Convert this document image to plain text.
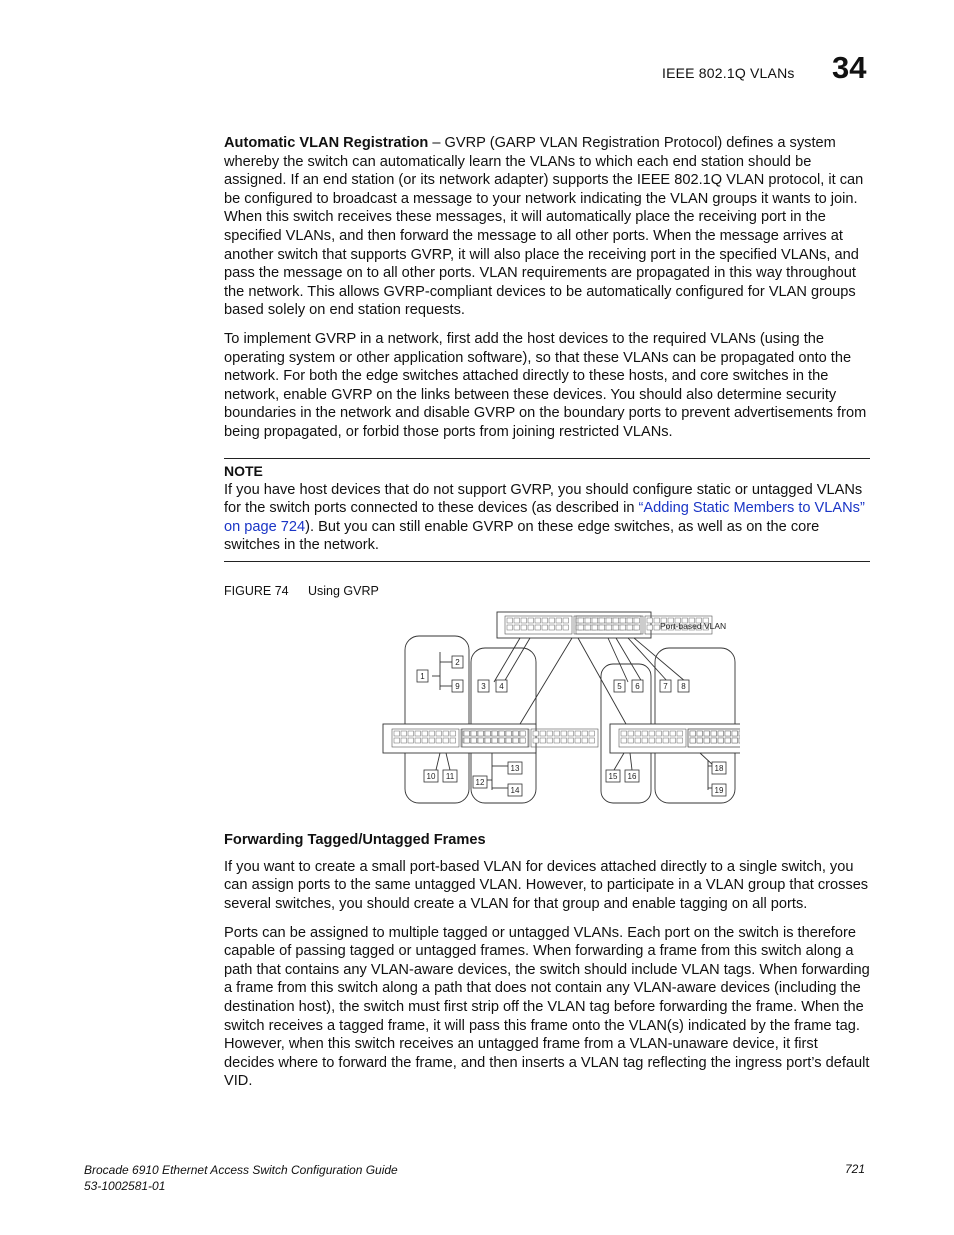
IEEE 802.1Q VLANs 34

Automatic VLAN Registration – GVRP (GARP VLAN Registration Protocol) defines a system whereby the switch can automatically learn the VLANs to which each end station should be assigned. If an end station (or its network adapter) supports the IEEE 802.1Q VLAN protocol, it can be configured to broadcast a message to your network indicating the VLAN groups it wants to join. When this switch receives these messages, it will automatically place the receiving port in the specified VLANs, and then forward the message to all other ports. When the message arrives at another switch that supports GVRP, it will also place the receiving port in the specified VLANs, and pass the message on to all other ports. VLAN requirements are propagated in this way throughout the network. This allows GVRP-compliant devices to be automatically configured for VLAN groups based solely on end station requests.

To implement GVRP in a network, first add the host devices to the required VLANs (using the operating system or other application software), so that these VLANs can be propagated onto the network. For both the edge switches attached directly to these hosts, and core switches in the network, enable GVRP on the links between these devices. You should also determine security boundaries in the network and disable GVRP on the boundary ports to prevent advertisements from being propagated, or forbid those ports from joining restricted VLANs.

NOTE

If you have host devices that do not support GVRP, you should configure static or untagged VLANs for the switch ports connected to these devices (as described in “Adding Static Members to VLANs” on page 724). But you can still enable GVRP on these edge switches, as well as on the core switches in the network.

FIGURE 74 Using GVRP
1
2
9	3 4	5 6	7 8
10 11
12
13
14
15 16
18
19
Port-based VLAN
Forwarding Tagged/Untagged Frames

If you want to create a small port-based VLAN for devices attached directly to a single switch, you can assign ports to the same untagged VLAN. However, to participate in a VLAN group that crosses several switches, you should create a VLAN for that group and enable tagging on all ports.

Ports can be assigned to multiple tagged or untagged VLANs. Each port on the switch is therefore capable of passing tagged or untagged frames. When forwarding a frame from this switch along a path that contains any VLAN-aware devices, the switch should include VLAN tags. When forwarding a frame from this switch along a path that does not contain any VLAN-aware devices (including the destination host), the switch must first strip off the VLAN tag before forwarding the frame. When the switch receives a tagged frame, it will pass this frame onto the VLAN(s) indicated by the frame tag. However, when this switch receives an untagged frame from a VLAN-unaware device, it first decides where to forward the frame, and then inserts a VLAN tag reflecting the ingress port’s default VID.

Brocade 6910 Ethernet Access Switch Configuration Guide
53-1002581-01
721
